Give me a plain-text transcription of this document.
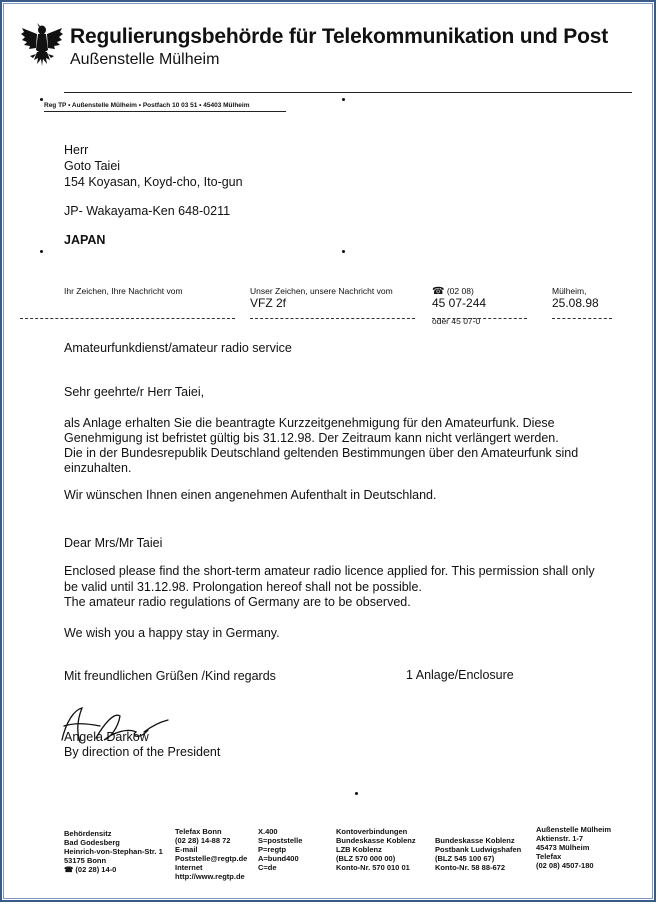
Regulierungsbehörde für Telekommunikation und Post
Außenstelle Mülheim
Reg TP • Außenstelle Mülheim • Postfach 10 03 51 • 45403 Mülheim
Herr
Goto Taiei
154 Koyasan, Koyd-cho, Ito-gun
JP- Wakayama-Ken 648-0211
JAPAN
Ihr Zeichen, Ihre Nachricht vom	Unser Zeichen, unsere Nachricht vom
VFZ 2f
☎ (02 08)
45 07-244
oder 45 07-0
Mülheim,
25.08.98
Amateurfunkdienst/amateur radio service
Sehr geehrte/r Herr Taiei,
als Anlage erhalten Sie die beantragte Kurzzeitgenehmigung für den Amateurfunk. Diese
Genehmigung ist befristet gültig bis 31.12.98. Der Zeitraum kann nicht verlängert werden.
Die in der Bundesrepublik Deutschland geltenden Bestimmungen über den Amateurfunk sind
einzuhalten.
Wir wünschen Ihnen einen angenehmen Aufenthalt in Deutschland.
Dear Mrs/Mr Taiei
Enclosed please find the short-term amateur radio licence applied for. This permission shall only
be valid until 31.12.98. Prolongation hereof shall not be possible.
The amateur radio regulations of Germany are to be observed.
We wish you a happy stay in Germany.
Mit freundlichen Grüßen /Kind regards	1 Anlage/Enclosure
Angela Darkow
By direction of the President
Behördensitz
Bad Godesberg
Heinrich-von-Stephan-Str. 1
53175 Bonn
☎ (02 28) 14-0
Telefax Bonn
(02 28) 14-88 72
E-mail
Poststelle@regtp.de
Internet
http://www.regtp.de
X.400
S=poststelle
P=regtp
A=bund400
C=de
Kontoverbindungen
Bundeskasse Koblenz
LZB Koblenz
(BLZ 570 000 00)
Konto-Nr. 570 010 01
Bundeskasse Koblenz
Postbank Ludwigshafen
(BLZ 545 100 67)
Konto-Nr. 58 88-672
Außenstelle Mülheim
Aktienstr. 1-7
45473 Mülheim
Telefax
(02 08) 4507-180
